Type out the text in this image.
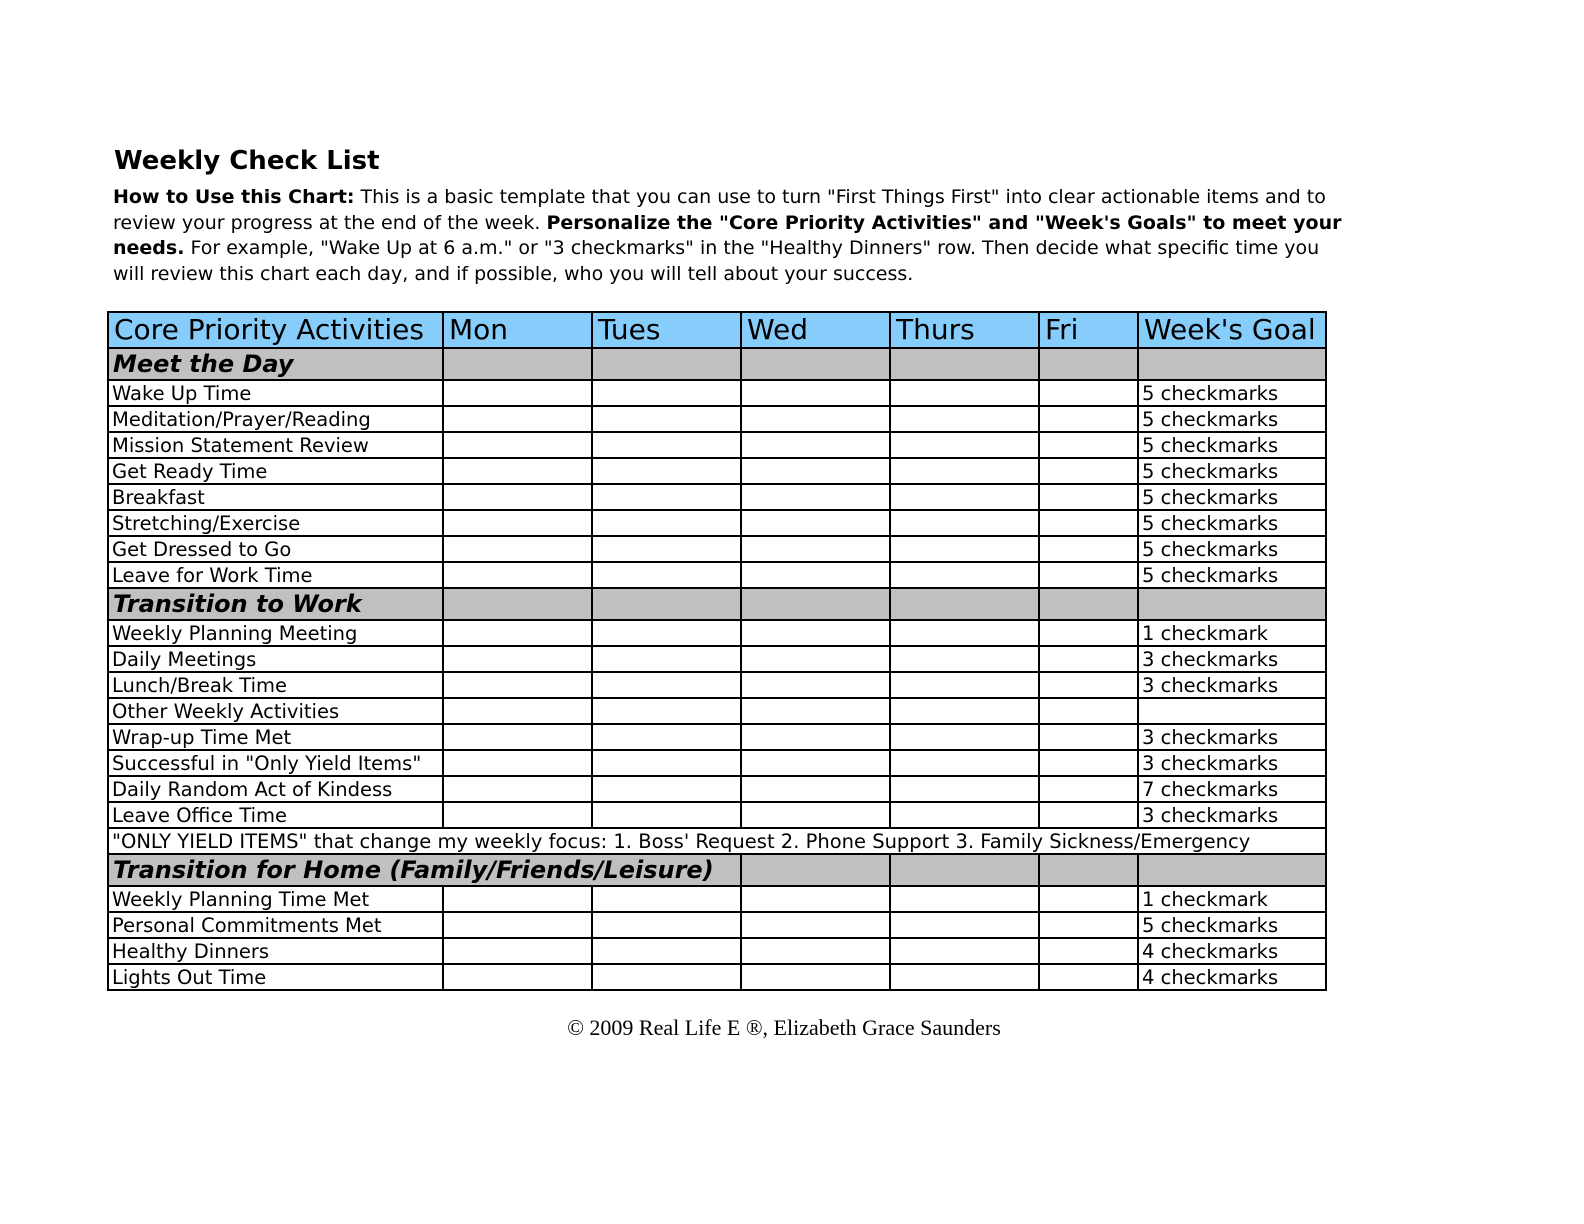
Weekly Check List

How to Use this Chart: This is a basic template that you can use to turn "First Things First" into clear actionable items and to review your progress at the end of the week. Personalize the "Core Priority Activities" and "Week's Goals" to meet your needs. For example, "Wake Up at 6 a.m." or "3 checkmarks" in the "Healthy Dinners" row. Then decide what specific time you will review this chart each day, and if possible, who you will tell about your success.

Core Priority Activities	Mon	Tues	Wed	Thurs	Fri	Week's Goal
Meet the Day						
Wake Up Time						5 checkmarks
Meditation/Prayer/Reading						5 checkmarks
Mission Statement Review						5 checkmarks
Get Ready Time						5 checkmarks
Breakfast						5 checkmarks
Stretching/Exercise						5 checkmarks
Get Dressed to Go						5 checkmarks
Leave for Work Time						5 checkmarks
Transition to Work						
Weekly Planning Meeting						1 checkmark
Daily Meetings						3 checkmarks
Lunch/Break Time						3 checkmarks
Other Weekly Activities						
Wrap-up Time Met						3 checkmarks
Successful in "Only Yield Items"						3 checkmarks
Daily Random Act of Kindess						7 checkmarks
Leave Office Time						3 checkmarks
"ONLY YIELD ITEMS" that change my weekly focus: 1. Boss' Request 2. Phone Support 3. Family Sickness/Emergency						
Transition for Home (Family/Friends/Leisure)						
Weekly Planning Time Met						1 checkmark
Personal Commitments Met						5 checkmarks
Healthy Dinners						4 checkmarks
Lights Out Time						4 checkmarks
© 2009 Real Life E ®, Elizabeth Grace Saunders
